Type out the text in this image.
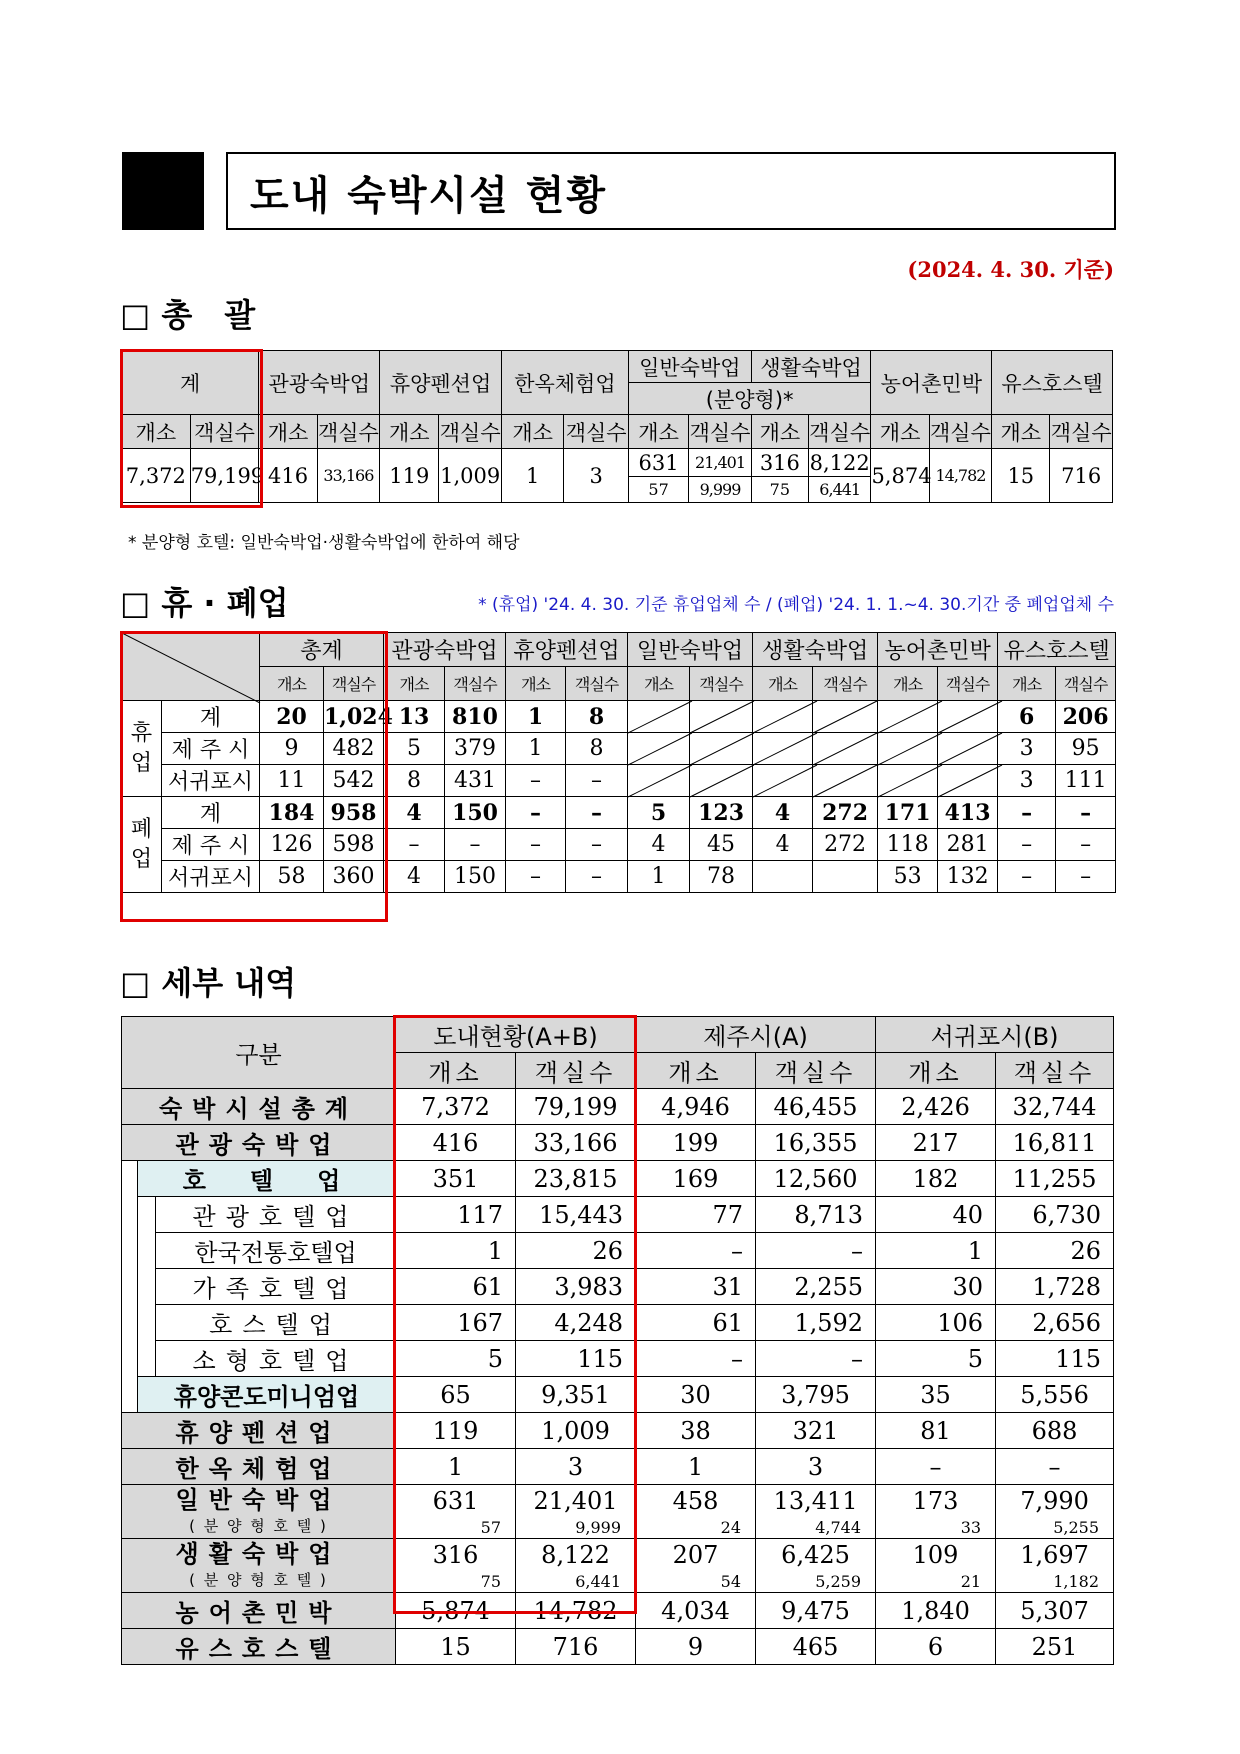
도내 숙박시설 현황
(2024. 4. 30. 기준)
□ 총　괄
계		관광숙박업		휴양펜션업		한옥체험업		일반숙박업		생활숙박업		농어촌민박		유스호스텔	
								(분양형)*							
개소	객실수	개소	객실수	개소	객실수	개소	객실수	개소	객실수	개소	객실수	개소	객실수	개소	객실수
7,372	79,199	416	33,166	119	1,009	1	3	631	21,401	316	8,122	5,874	14,782	15	716
								57	9,999	75	6,441				
* 분양형 호텔: 일반숙박업·생활숙박업에 한하여 해당
□ 휴 · 폐업	* (휴업) '24. 4. 30. 기준 휴업업체 수 / (폐업) '24. 1. 1.~4. 30.기간 중 폐업업체 수
	총계		관광숙박업		휴양펜션업		일반숙박업		생활숙박업		농어촌민박		유스호스텔	
		개소	객실수	개소	객실수	개소	객실수	개소	객실수	개소	객실수	개소	객실수	개소	객실수
휴업	계	20	1,024	13	810	1	8							6	206
	제 주 시	9	482	5	379	1	8							3	95
	서귀포시	11	542	8	431	–	–							3	111
폐업	계	184	958	4	150	–	–	5	123	4	272	171	413	–	–
	제 주 시	126	598	–	–	–	–	4	45	4	272	118	281	–	–
	서귀포시	58	360	4	150	–	–	1	78			53	132	–	–
□ 세부 내역
구분			도내현황(A+B)		제주시(A)		서귀포시(B)	
			개소	객실수	개소	객실수	개소	객실수
숙박시설총계			7,372	79,199	4,946	46,455	2,426	32,744
관광숙박업			416	33,166	199	16,355	217	16,811
	호　텔　업		351	23,815	169	12,560	182	11,255
		관광호텔업	117	15,443	77	8,713	40	6,730
		한국전통호텔업	1	26	–	–	1	26
		가족호텔업	61	3,983	31	2,255	30	1,728
		호스텔업	167	4,248	61	1,592	106	2,656
		소형호텔업	5	115	–	–	5	115
	휴양콘도미니엄업		65	9,351	30	3,795	35	5,556
휴양펜션업			119	1,009	38	321	81	688
한옥체험업			1	3	1	3	–	–

일반숙박업
( 분 양 형 호 텔 )			631	21,401	458	13,411	173	7,990
			57	9,999	24	4,744	33	5,255

생활숙박업
( 분 양 형 호 텔 )			316	8,122	207	6,425	109	1,697
			75	6,441	54	5,259	21	1,182
농어촌민박			5,874	14,782	4,034	9,475	1,840	5,307
유스호스텔			15	716	9	465	6	251
